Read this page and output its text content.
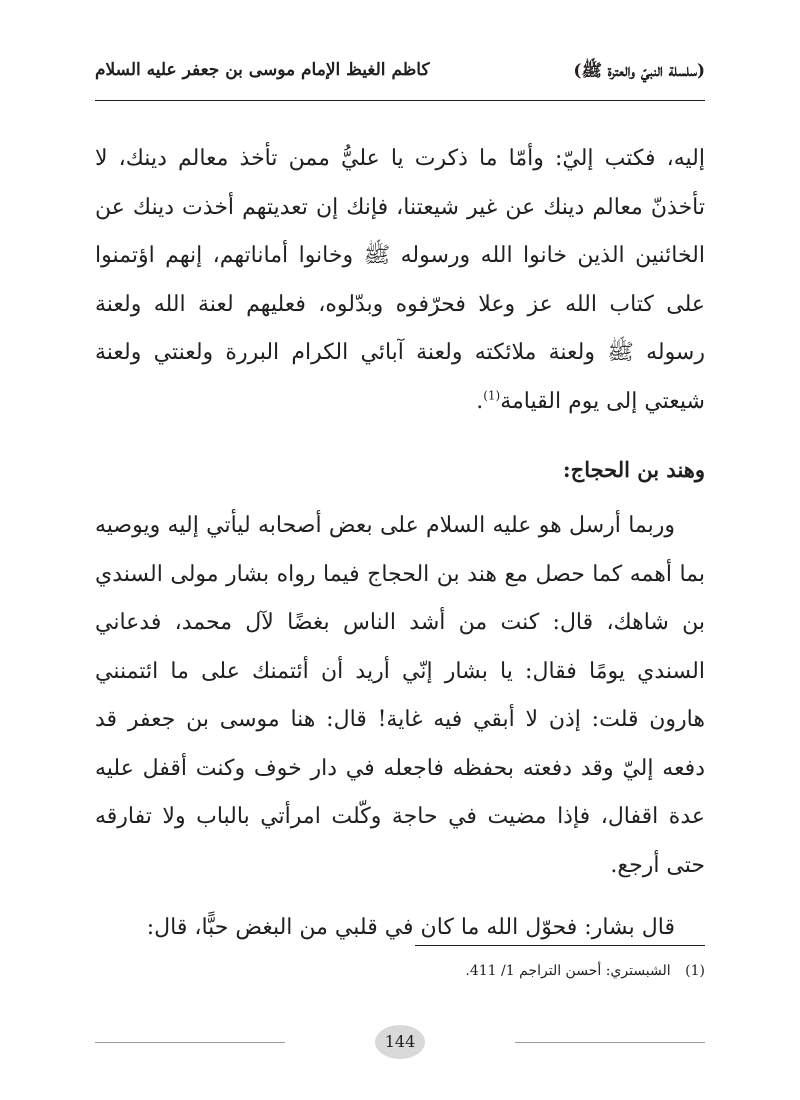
(سلسلة النبيّ والعترة ﷺ)
كاظم الغيظ الإمام موسى بن جعفر عليه السلام

إليه، فكتب إليّ: وأمّا ما ذكرت يا عليُّ ممن تأخذ معالم دينك، لا تأخذنّ معالم دينك عن غير شيعتنا، فإنك إن تعديتهم أخذت دينك عن الخائنين الذين خانوا الله ورسوله ﷺ وخانوا أماناتهم، إنهم اؤتمنوا على كتاب الله عز وعلا فحرّفوه وبدّلوه، فعليهم لعنة الله ولعنة رسوله ﷺ ولعنة ملائكته ولعنة آبائي الكرام البررة ولعنتي ولعنة شيعتي إلى يوم القيامة$^{(1)}$.

وهند بن الحجاج:

وربما أرسل هو عليه السلام على بعض أصحابه ليأتي إليه ويوصيه بما أهمه كما حصل مع هند بن الحجاج فيما رواه بشار مولى السندي بن شاهك، قال: كنت من أشد الناس بغضًا لآل محمد، فدعاني السندي يومًا فقال: يا بشار إنّي أريد أن أئتمنك على ما ائتمنني هارون قلت: إذن لا أبقي فيه غاية! قال: هنا موسى بن جعفر قد دفعه إليّ وقد دفعته بحفظه فاجعله في دار خوف وكنت أقفل عليه عدة اقفال، فإذا مضيت في حاجة وكّلت امرأتي بالباب ولا تفارقه حتى أرجع.

قال بشار: فحوّل الله ما كان في قلبي من البغض حبًّا، قال:

(1) الشبستري: أحسن التراجم 1/ 411.
144
